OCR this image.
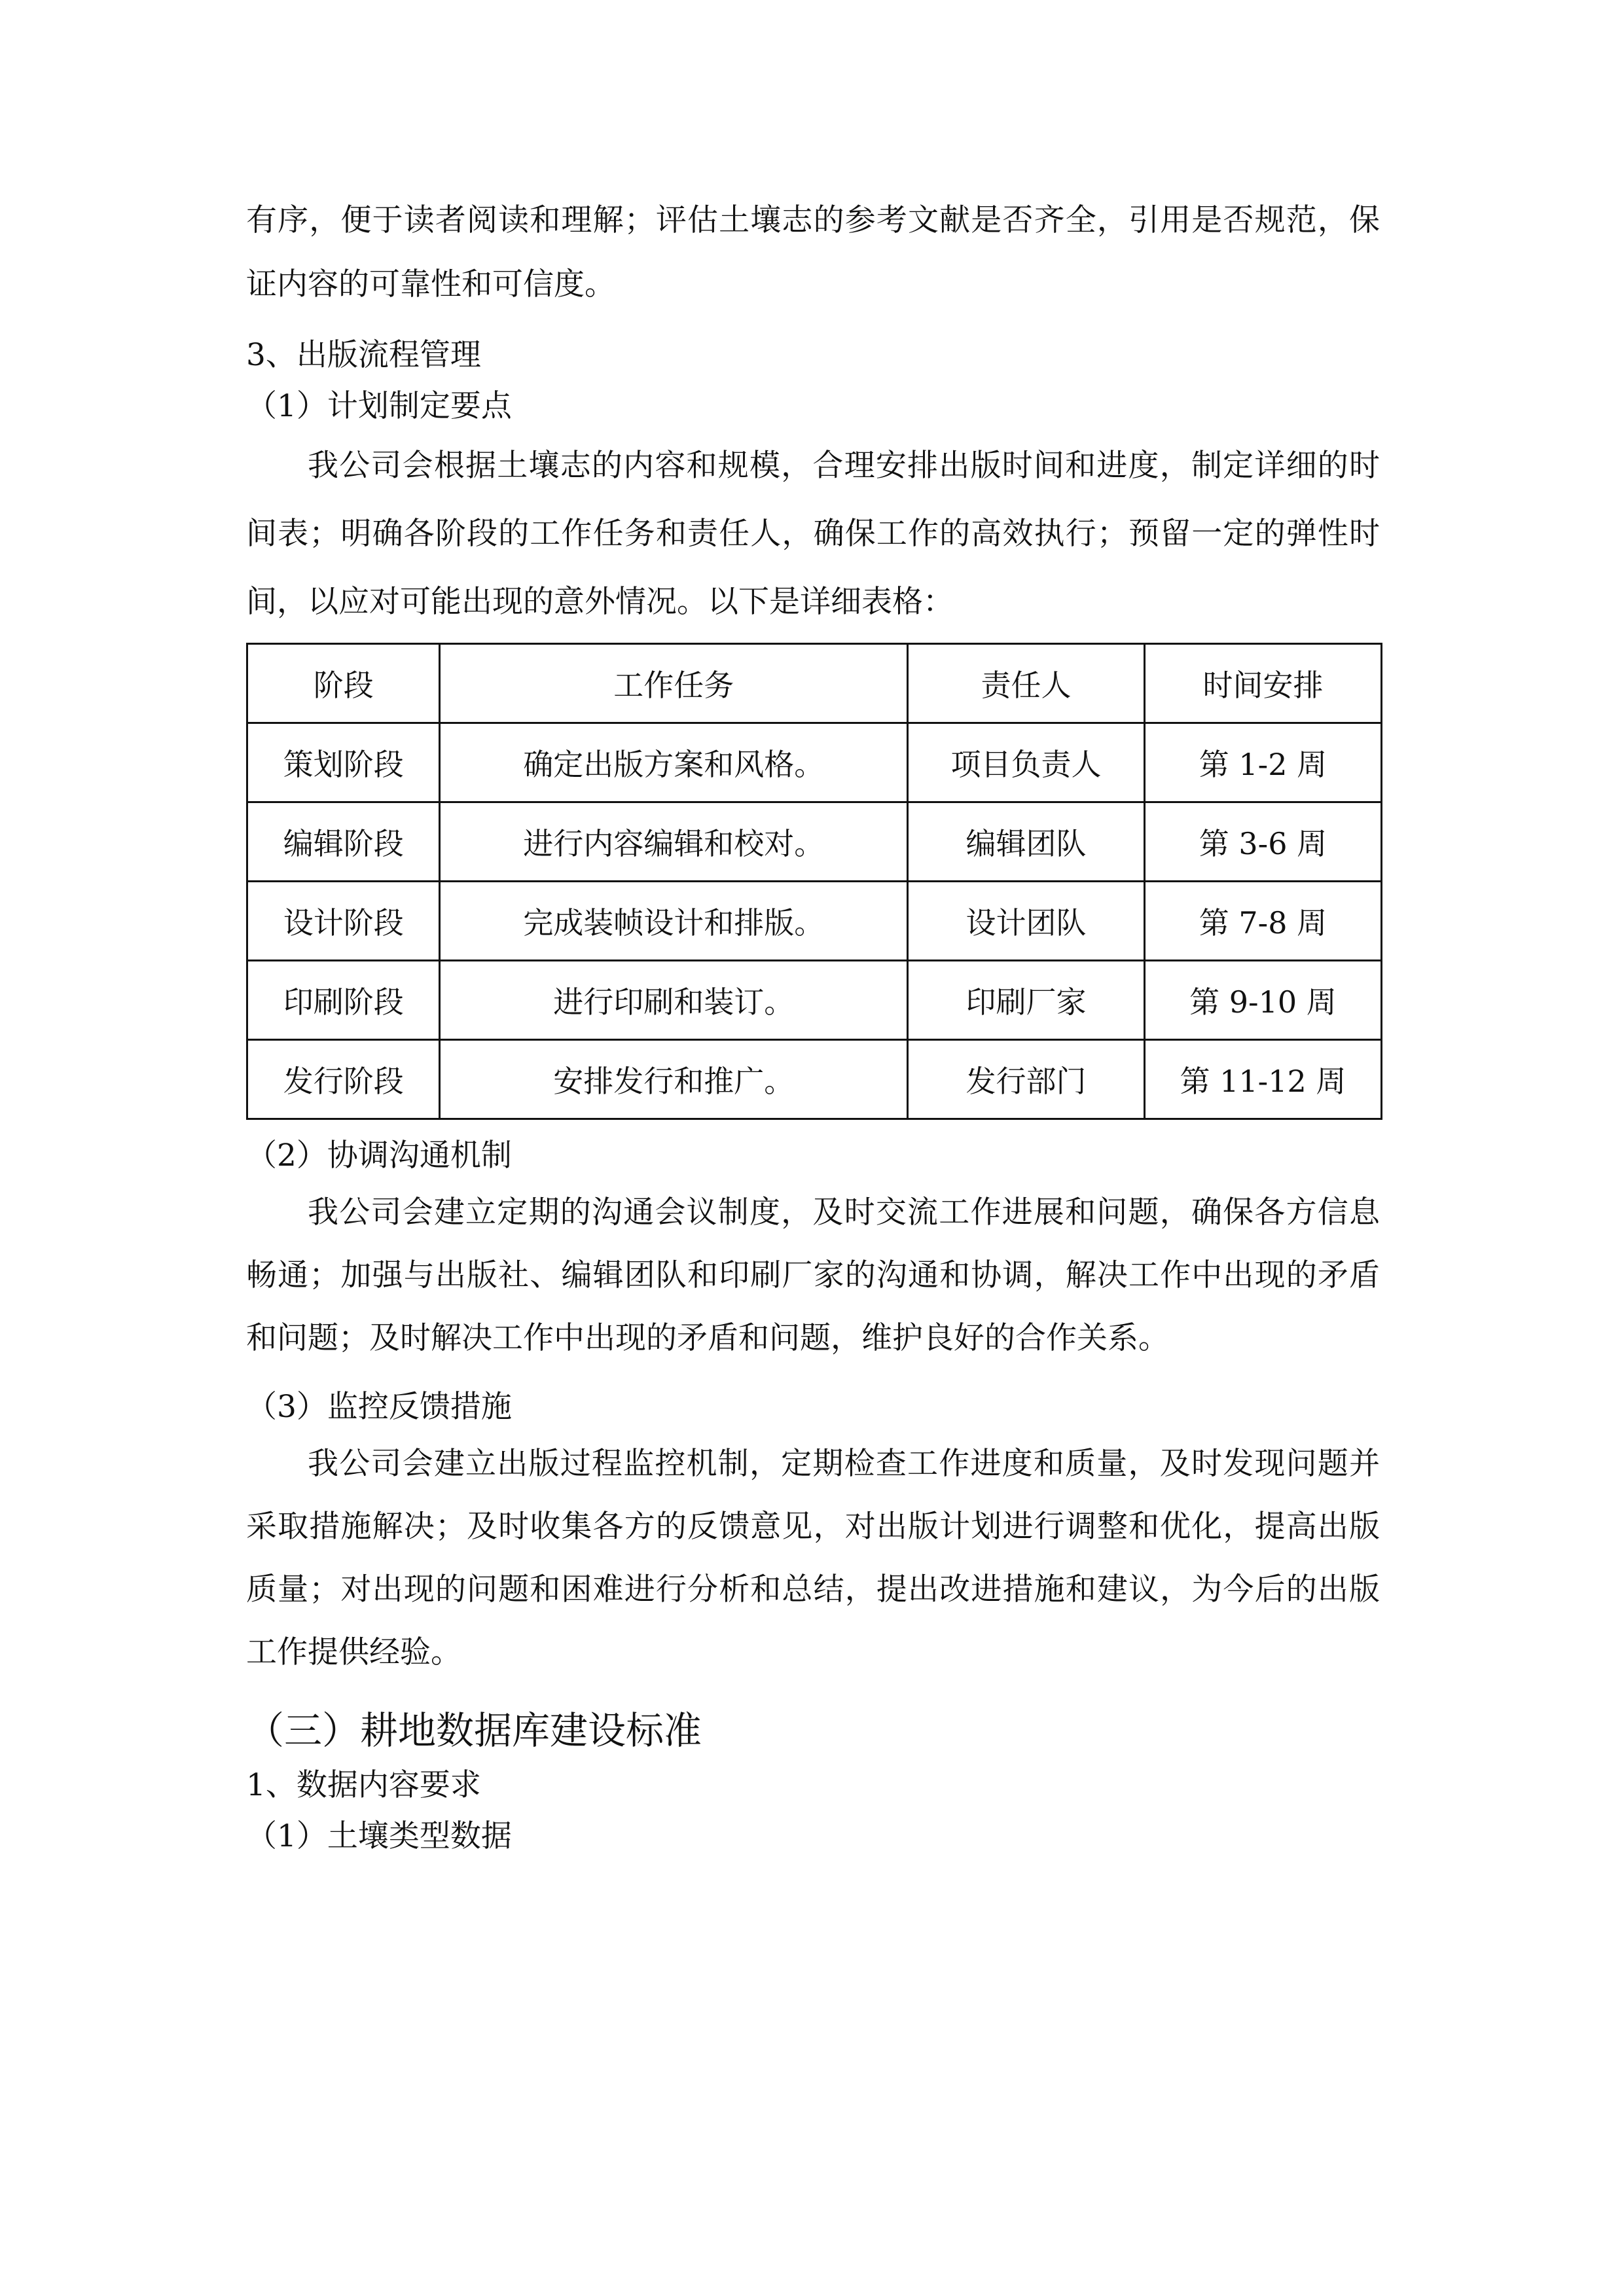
有序，便于读者阅读和理解；评估土壤志的参考文献是否齐全，引用是否规范，保证内容的可靠性和可信度。

3、出版流程管理

（1）计划制定要点

我公司会根据土壤志的内容和规模，合理安排出版时间和进度，制定详细的时间表；明确各阶段的工作任务和责任人，确保工作的高效执行；预留一定的弹性时间，以应对可能出现的意外情况。以下是详细表格：

阶段	工作任务	责任人	时间安排
策划阶段	确定出版方案和风格。	项目负责人	第 1-2 周
编辑阶段	进行内容编辑和校对。	编辑团队	第 3-6 周
设计阶段	完成装帧设计和排版。	设计团队	第 7-8 周
印刷阶段	进行印刷和装订。	印刷厂家	第 9-10 周
发行阶段	安排发行和推广。	发行部门	第 11-12 周

（2）协调沟通机制

我公司会建立定期的沟通会议制度，及时交流工作进展和问题，确保各方信息畅通；加强与出版社、编辑团队和印刷厂家的沟通和协调，解决工作中出现的矛盾和问题；及时解决工作中出现的矛盾和问题，维护良好的合作关系。

（3）监控反馈措施

我公司会建立出版过程监控机制，定期检查工作进度和质量，及时发现问题并采取措施解决；及时收集各方的反馈意见，对出版计划进行调整和优化，提高出版质量；对出现的问题和困难进行分析和总结，提出改进措施和建议，为今后的出版工作提供经验。

（三）耕地数据库建设标准

1、数据内容要求

（1）土壤类型数据
